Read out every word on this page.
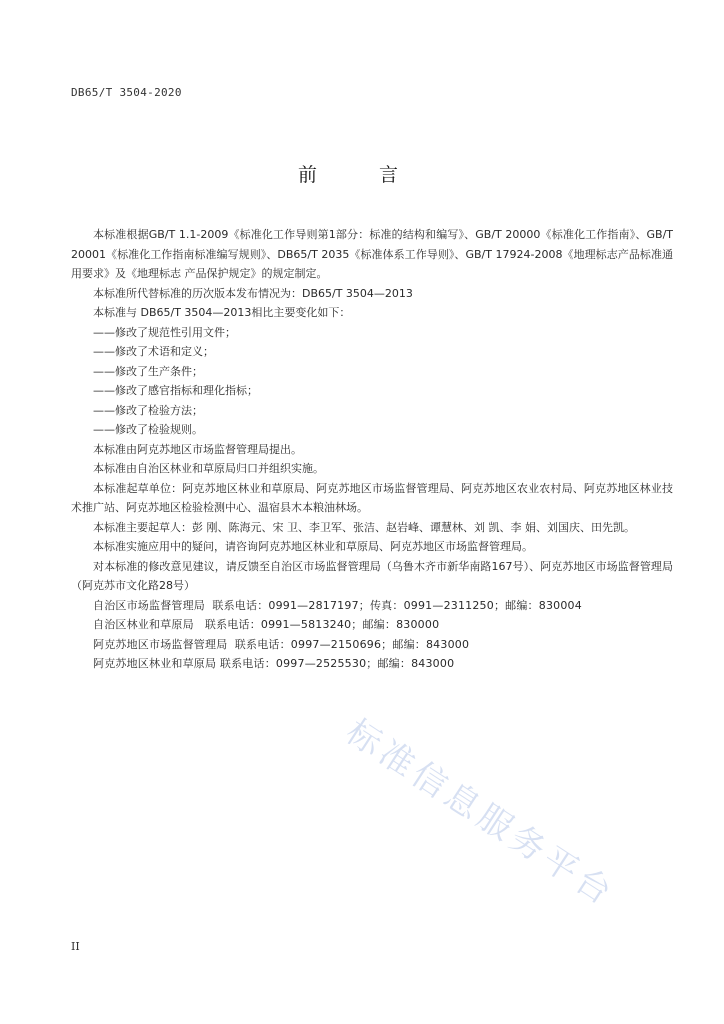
DB65/T 3504-2020
前 言

本标准根据GB/T 1.1-2009《标准化工作导则第1部分：标准的结构和编写》、GB/T 20000《标准化工作指南》、GB/T 20001《标准化工作指南标准编写规则》、DB65/T 2035《标准体系工作导则》、GB/T 17924-2008《地理标志产品标准通用要求》及《地理标志 产品保护规定》的规定制定。

本标准所代替标准的历次版本发布情况为：DB65/T 3504—2013

本标准与 DB65/T 3504—2013相比主要变化如下：

——修改了规范性引用文件；

——修改了术语和定义；

——修改了生产条件；

——修改了感官指标和理化指标；

——修改了检验方法；

——修改了检验规则。

本标准由阿克苏地区市场监督管理局提出。

本标准由自治区林业和草原局归口并组织实施。

本标准起草单位：阿克苏地区林业和草原局、阿克苏地区市场监督管理局、阿克苏地区农业农村局、阿克苏地区林业技术推广站、阿克苏地区检验检测中心、温宿县木本粮油林场。

本标准主要起草人：彭 刚、陈海元、宋 卫、李卫军、张洁、赵岩峰、谭慧林、刘 凯、李 娟、刘国庆、田先凯。

本标准实施应用中的疑问，请咨询阿克苏地区林业和草原局、阿克苏地区市场监督管理局。

对本标准的修改意见建议，请反馈至自治区市场监督管理局（乌鲁木齐市新华南路167号）、阿克苏地区市场监督管理局（阿克苏市文化路28号）

自治区市场监督管理局  联系电话：0991—2817197；传真：0991—2311250；邮编：830004

自治区林业和草原局   联系电话：0991—5813240；邮编：830000

阿克苏地区市场监督管理局  联系电话：0997—2150696；邮编：843000

阿克苏地区林业和草原局 联系电话：0997—2525530；邮编：843000

标准信息服务平台
II
